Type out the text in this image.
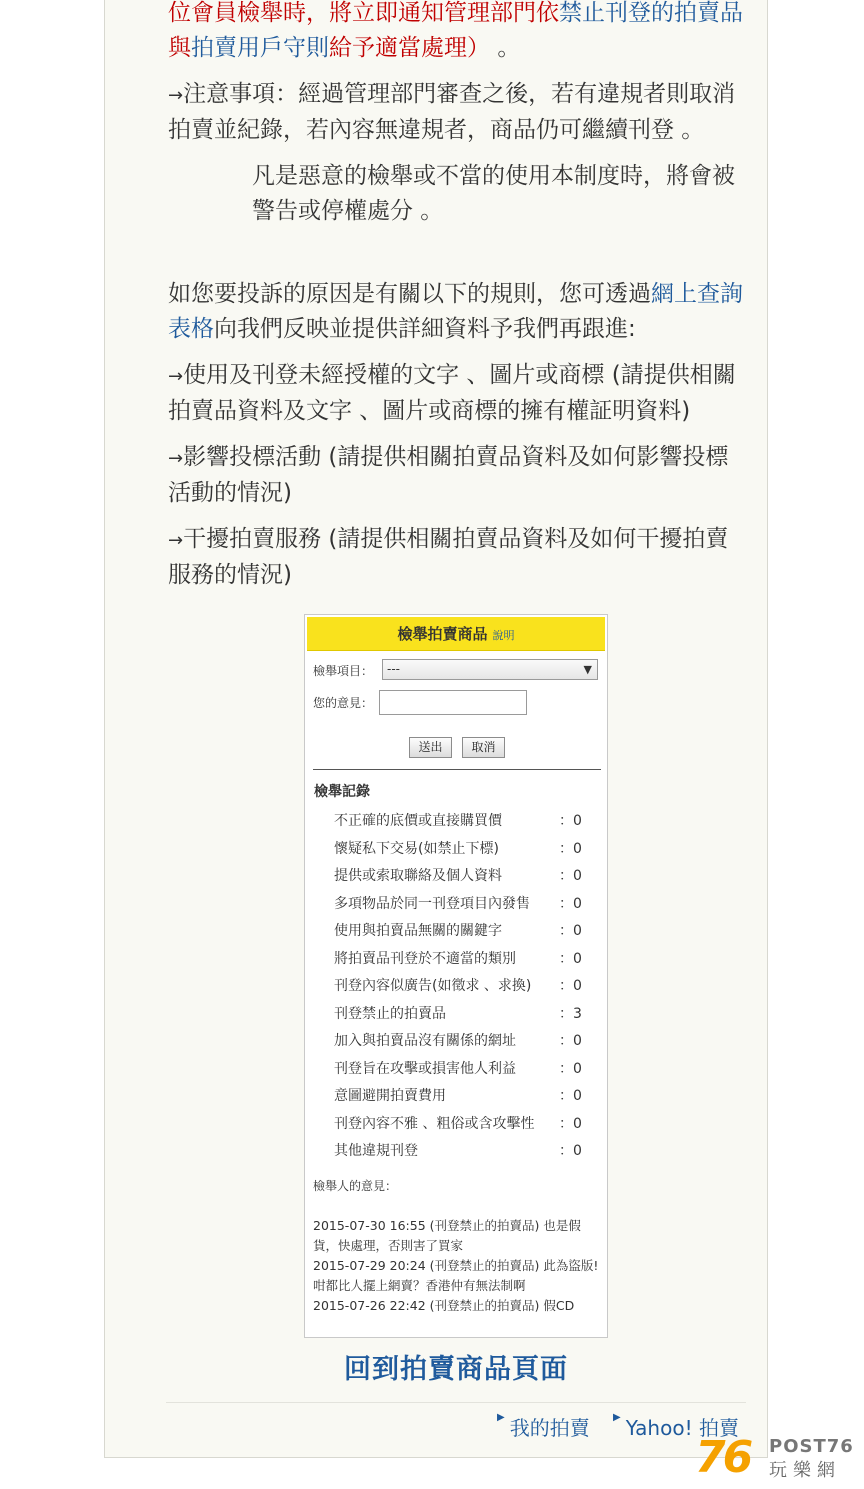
位會員檢舉時，將立即通知管理部門依禁止刊登的拍賣品與拍賣用戶守則給予適當處理） 。

→注意事項：經過管理部門審查之後，若有違規者則取消拍賣並紀錄，若內容無違規者，商品仍可繼續刊登 。

凡是惡意的檢舉或不當的使用本制度時，將會被警告或停權處分 。

如您要投訴的原因是有關以下的規則，您可透過網上查詢表格向我們反映並提供詳細資料予我們再跟進:

→使用及刊登未經授權的文字 、圖片或商標 (請提供相關拍賣品資料及文字 、圖片或商標的擁有權証明資料)

→影響投標活動 (請提供相關拍賣品資料及如何影響投標活動的情況)

→干擾拍賣服務 (請提供相關拍賣品資料及如何干擾拍賣服務的情況)

檢舉拍賣商品 說明
檢舉項目：	---	▼
您的意見：
送出	取消
檢舉記錄
不正確的底價或直接購買價	：0
懷疑私下交易(如禁止下標)	：0
提供或索取聯絡及個人資料	：0
多項物品於同一刊登項目內發售 ：0
使用與拍賣品無關的關鍵字	：0
將拍賣品刊登於不適當的類別	：0
刊登內容似廣告(如徵求 、求換) ：0
刊登禁止的拍賣品	：3
加入與拍賣品沒有關係的網址	：0
刊登旨在攻擊或損害他人利益	：0
意圖避開拍賣費用	：0
刊登內容不雅 、粗俗或含攻擊性 ：0
其他違規刊登	：0
檢舉人的意見：
2015-07-30 16:55 (刊登禁止的拍賣品) 也是假貨，快處理，否則害了買家
2015-07-29 20:24 (刊登禁止的拍賣品) 此為盜版!咁都比人擺上網賣？香港仲有無法制啊
2015-07-26 22:42 (刊登禁止的拍賣品) 假CD
回到拍賣商品頁面
▶ 我的拍賣 ▶ Yahoo! 拍賣
76 POST76
玩樂網
